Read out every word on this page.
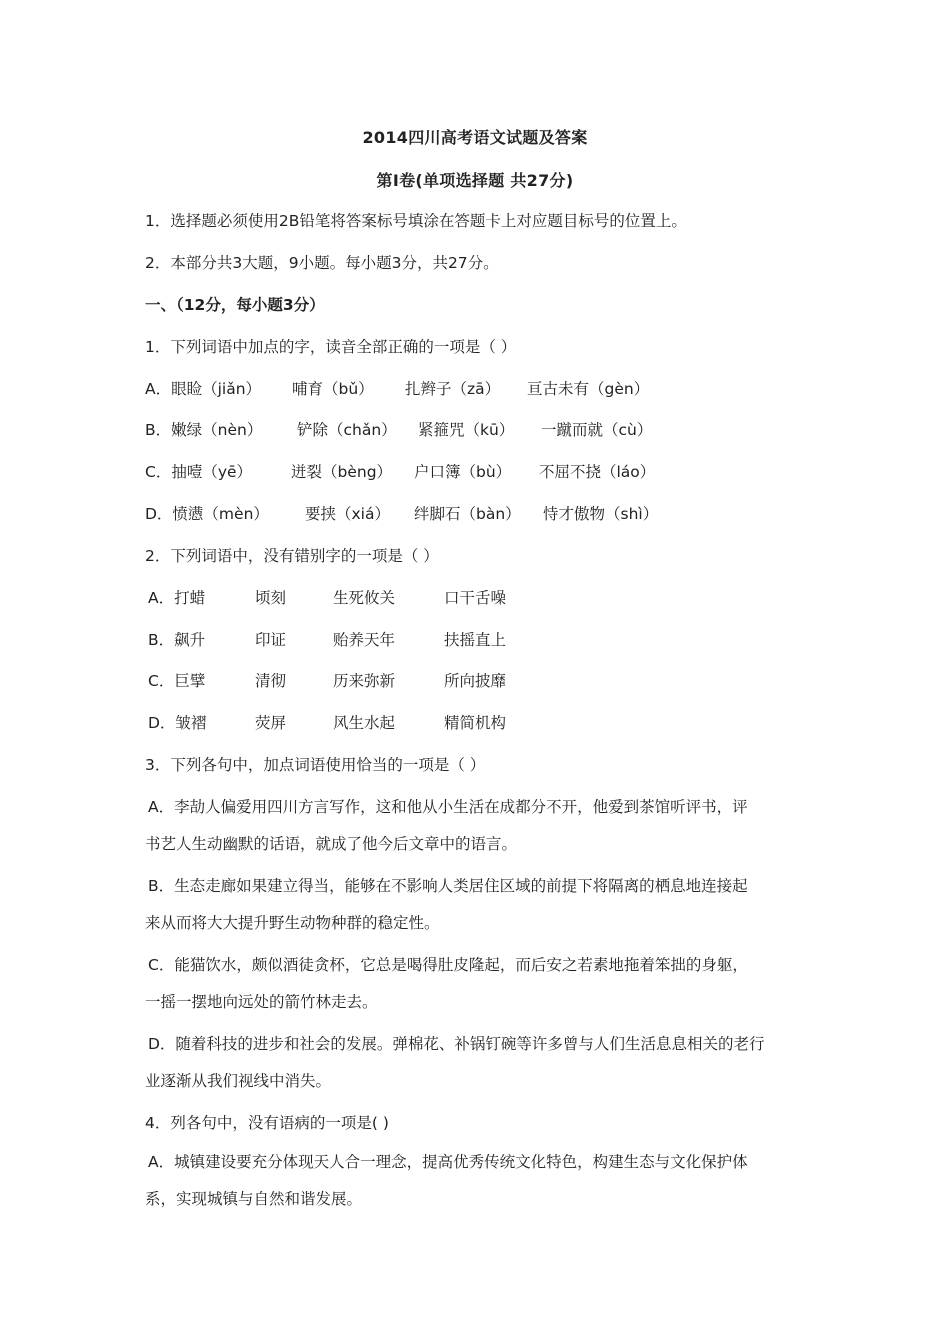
2014四川高考语文试题及答案
第Ⅰ卷(单项选择题 共27分)
1．选择题必须使用2B铅笔将答案标号填涂在答题卡上对应题目标号的位置上。
2．本部分共3大题，9小题。每小题3分，共27分。
一、（12分，每小题3分）
1．下列词语中加点的字，读音全部正确的一项是（ ）
A．眼睑（jiǎn） 哺育（bǔ） 扎辫子（zā） 亘古未有（gèn）
B．嫩绿（nèn） 铲除（chǎn） 紧箍咒（kū） 一蹴而就（cù）
C．抽噎（yē）	迸裂（bèng） 户口簿（bù） 不屈不挠（láo）
D．愤懑（mèn） 要挟（xiá） 绊脚石（bàn） 恃才傲物（shì）
2．下列词语中，没有错别字的一项是（ ）
A．打蜡	顷刻	生死攸关	口干舌噪
B．飙升	印证	贻养天年	扶摇直上
C．巨擘	清彻	历来弥新	所向披靡
D．皱褶	荧屏	风生水起	精简机构
3．下列各句中，加点词语使用恰当的一项是（ ）
A．李劼人偏爱用四川方言写作，这和他从小生活在成都分不开，他爱到茶馆听评书，评
书艺人生动幽默的话语，就成了他今后文章中的语言。
B．生态走廊如果建立得当，能够在不影响人类居住区域的前提下将隔离的栖息地连接起
来从而将大大提升野生动物种群的稳定性。
C．能猫饮水，颇似酒徒贪杯，它总是喝得肚皮隆起，而后安之若素地拖着笨拙的身躯，
一摇一摆地向远处的箭竹林走去。
D．随着科技的进步和社会的发展。弹棉花、补锅钉碗等许多曾与人们生活息息相关的老行
业逐渐从我们视线中消失。
4．列各句中，没有语病的一项是( )
A．城镇建设要充分体现天人合一理念，提高优秀传统文化特色，构建生态与文化保护体
系，实现城镇与自然和谐发展。
